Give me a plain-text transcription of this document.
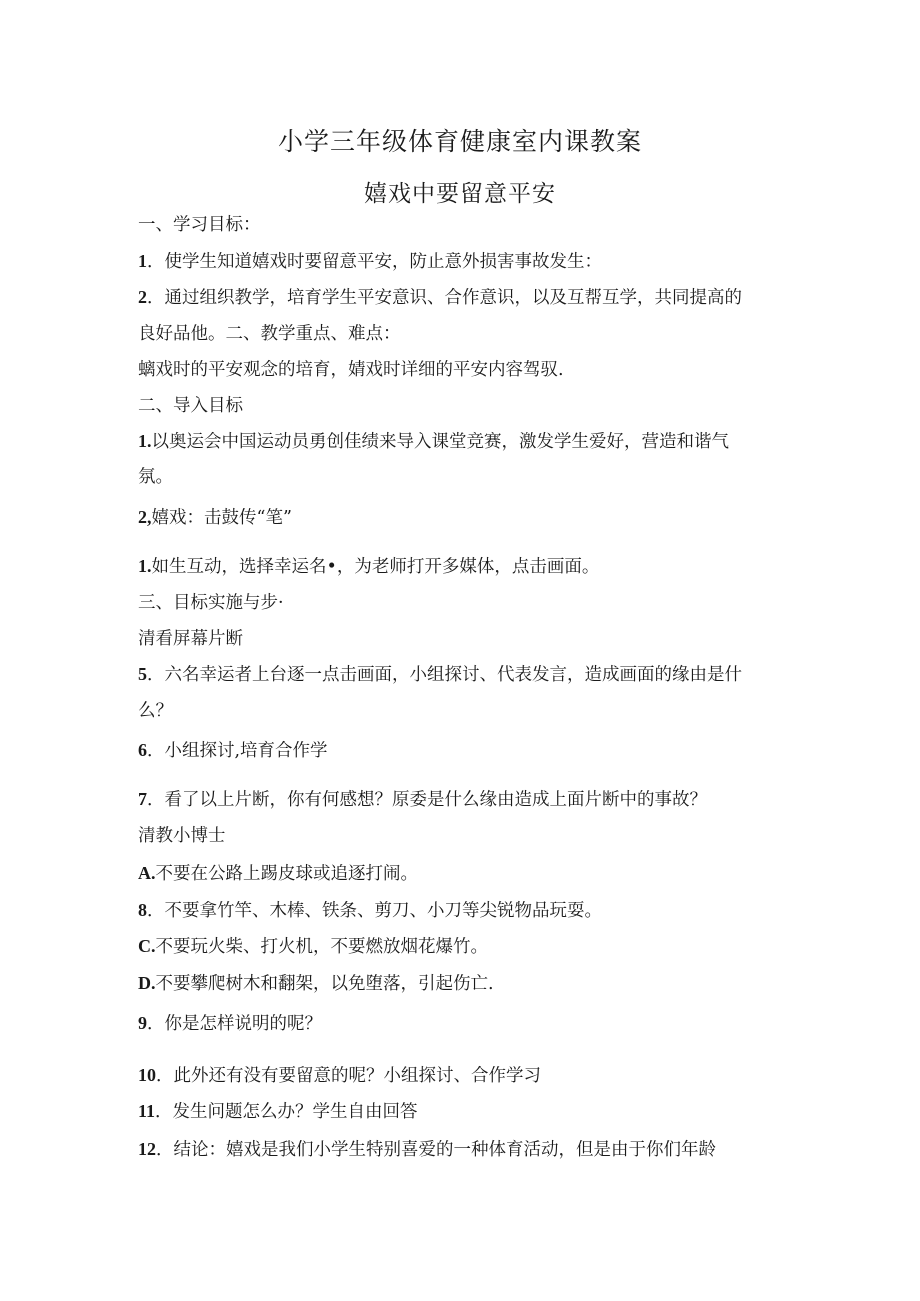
小学三年级体育健康室内课教案
嬉戏中要留意平安
一、学习目标：
1．使学生知道嬉戏时要留意平安，防止意外损害事故发生：
2．通过组织教学，培育学生平安意识、合作意识，以及互帮互学，共同提高的
良好品他。二、教学重点、难点：
螭戏时的平安观念的培育，婧戏时详细的平安内容驾驭.
二、导入目标
1.以奥运会中国运动员勇创佳绩来导入课堂竞赛，激发学生爱好，营造和谐气
氛。
2,嬉戏：击鼓传“笔”
1.如生互动，选择幸运名•，为老师打开多媒体，点击画面。
三、目标实施与步·
清看屏幕片断
5．六名幸运者上台逐一点击画面，小组探讨、代表发言，造成画面的缘由是什
么？
6．小组探讨,培育合作学
7．看了以上片断，你有何感想？原委是什么缘由造成上面片断中的事故？
清教小博士
A.不要在公路上踢皮球或追逐打闹。
8．不要拿竹竿、木棒、铁条、剪刀、小刀等尖锐物品玩耍。
C.不要玩火柴、打火机，不要燃放烟花爆竹。
D.不要攀爬树木和翻架，以免堕落，引起伤亡.
9．你是怎样说明的呢？
10．此外还有没有要留意的呢？小组探讨、合作学习
11．发生问题怎么办？学生自由回答
12．结论：嬉戏是我们小学生特别喜爱的一种体育活动，但是由于你们年龄
